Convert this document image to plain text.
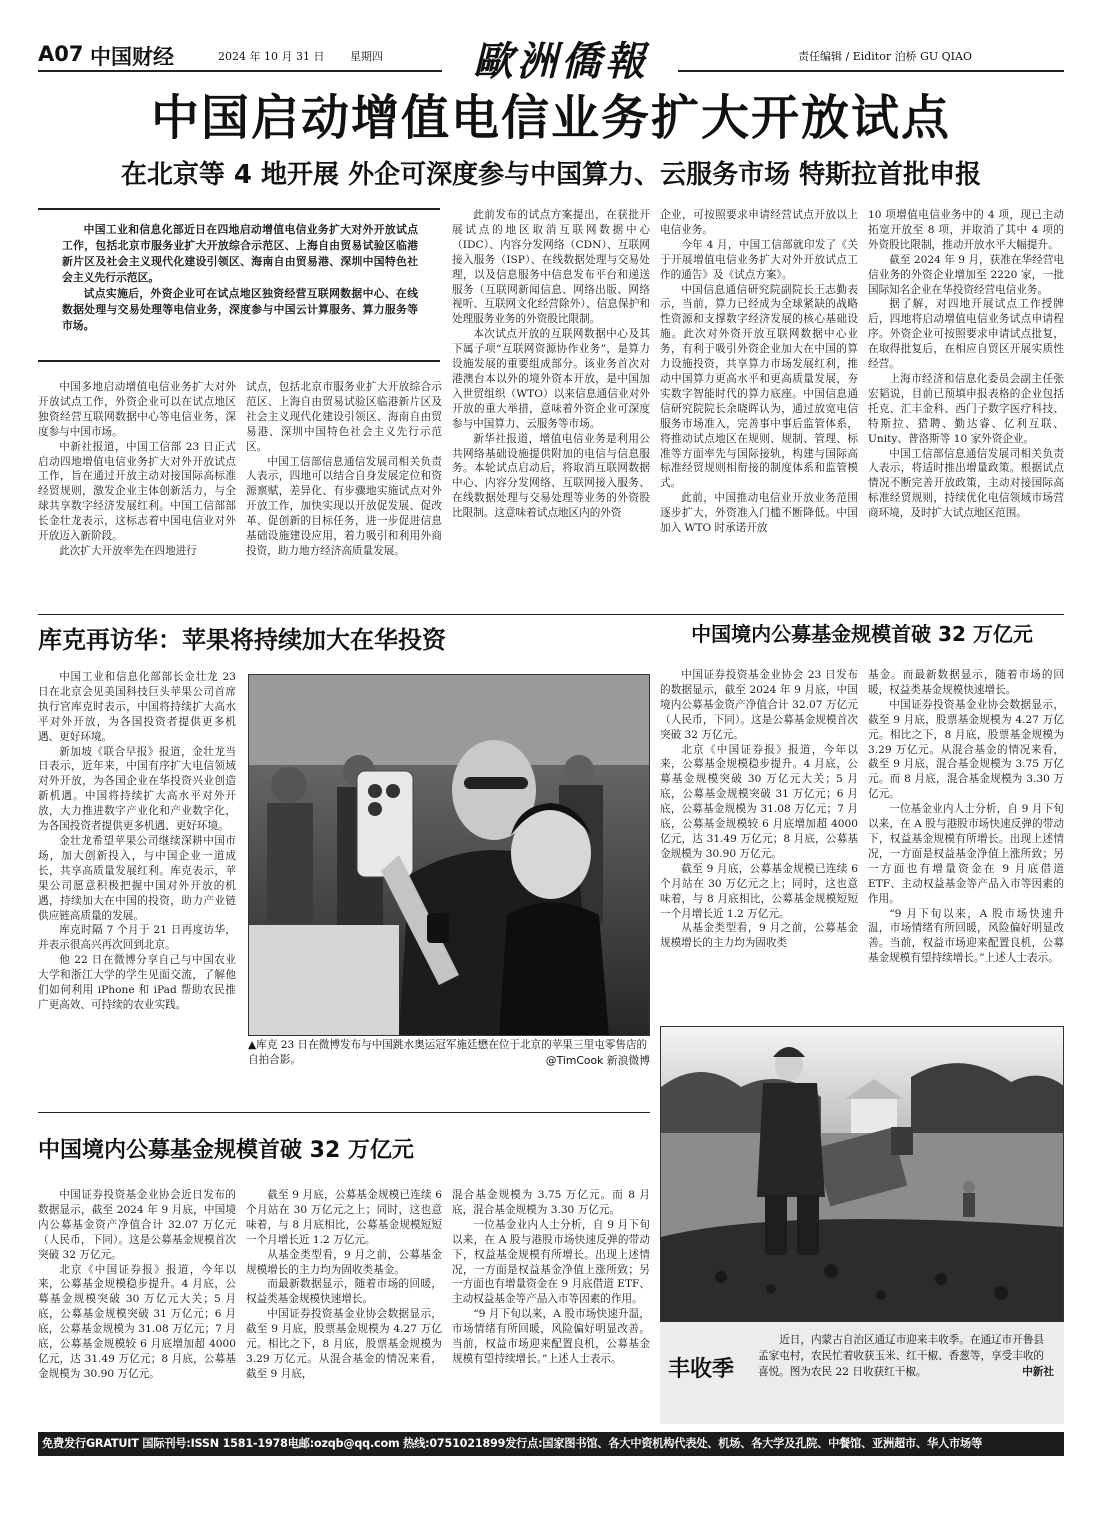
A07 中国财经	2024 年 10 月 31 日 星期四	歐洲僑報	责任编辑 / Eiditor 泊桥 GU QIAO
中国启动增值电信业务扩大开放试点
在北京等 4 地开展 外企可深度参与中国算力、云服务市场 特斯拉首批申报

中国工业和信息化部近日在四地启动增值电信业务扩大对外开放试点工作，包括北京市服务业扩大开放综合示范区、上海自由贸易试验区临港新片区及社会主义现代化建设引领区、海南自由贸易港、深圳中国特色社会主义先行示范区。

试点实施后，外资企业可在试点地区独资经营互联网数据中心、在线数据处理与交易处理等电信业务，深度参与中国云计算服务、算力服务等市场。

中国多地启动增值电信业务扩大对外开放试点工作，外资企业可以在试点地区独资经营互联网数据中心等电信业务，深度参与中国市场。

中新社报道，中国工信部 23 日正式启动四地增值电信业务扩大对外开放试点工作，旨在通过开放主动对接国际高标准经贸规则，激发企业主体创新活力，与全球共享数字经济发展红利。中国工信部部长金壮龙表示，这标志着中国电信业对外开放迈入新阶段。

此次扩大开放率先在四地进行

试点，包括北京市服务业扩大开放综合示范区、上海自由贸易试验区临港新片区及社会主义现代化建设引领区、海南自由贸易港、深圳中国特色社会主义先行示范区。

中国工信部信息通信发展司相关负责人表示，四地可以结合自身发展定位和资源禀赋，差异化、有步骤地实施试点对外开放工作，加快实现以开放促发展、促改革、促创新的目标任务，进一步促进信息基础设施建设应用，着力吸引和利用外商投资，助力地方经济高质量发展。

此前发布的试点方案提出，在获批开展试点的地区取消互联网数据中心（IDC）、内容分发网络（CDN）、互联网接入服务（ISP）、在线数据处理与交易处理，以及信息服务中信息发布平台和递送服务（互联网新闻信息、网络出版、网络视听、互联网文化经营除外）、信息保护和处理服务业务的外资股比限制。

本次试点开放的互联网数据中心及其下属子项“互联网资源协作业务”，是算力设施发展的重要组成部分。该业务首次对港澳台本以外的境外资本开放，是中国加入世贸组织（WTO）以来信息通信业对外开放的重大举措，意味着外资企业可深度参与中国算力、云服务等市场。

新华社报道，增值电信业务是利用公共网络基础设施提供附加的电信与信息服务。本轮试点启动后，将取消互联网数据中心、内容分发网络、互联网接入服务、在线数据处理与交易处理等业务的外资股比限制。这意味着试点地区内的外资

企业，可按照要求申请经营试点开放以上电信业务。

今年 4 月，中国工信部就印发了《关于开展增值电信业务扩大对外开放试点工作的通告》及《试点方案》。

中国信息通信研究院副院长王志勤表示，当前，算力已经成为全球紧缺的战略性资源和支撑数字经济发展的核心基础设施。此次对外资开放互联网数据中心业务，有利于吸引外资企业加大在中国的算力设施投资，共享算力市场发展红利，推动中国算力更高水平和更高质量发展，夯实数字智能时代的算力底座。中国信息通信研究院院长余晓晖认为，通过放宽电信服务市场准入，完善事中事后监管体系，将推动试点地区在规则、规制、管理、标准等方面率先与国际接轨，构建与国际高标准经贸规则相衔接的制度体系和监管模式。

此前，中国推动电信业开放业务范围逐步扩大，外资准入门槛不断降低。中国加入 WTO 时承诺开放

10 项增值电信业务中的 4 项，现已主动拓宽开放至 8 项，并取消了其中 4 项的外资股比限制，推动开放水平大幅提升。

截至 2024 年 9 月，获准在华经营电信业务的外资企业增加至 2220 家，一批国际知名企业在华投资经营电信业务。

据了解，对四地开展试点工作授牌后，四地将启动增值电信业务试点申请程序。外资企业可按照要求申请试点批复，在取得批复后，在相应自贸区开展实质性经营。

上海市经济和信息化委员会副主任张宏韬说，目前已预填申报表格的企业包括托克、汇丰金科、西门子数字医疗科技、特斯拉、猎聘、勤达睿、亿利互联、Unity、普洛斯等 10 家外资企业。

中国工信部信息通信发展司相关负责人表示，将适时推出增量政策。根据试点情况不断完善开放政策，主动对接国际高标准经贸规则，持续优化电信领域市场营商环境，及时扩大试点地区范围。

库克再访华：苹果将持续加大在华投资

中国工业和信息化部部长金壮龙 23 日在北京会见美国科技巨头苹果公司首席执行官库克时表示，中国将持续扩大高水平对外开放，为各国投资者提供更多机遇、更好环境。

新加坡《联合早报》报道，金壮龙当日表示，近年来，中国有序扩大电信领域对外开放，为各国企业在华投资兴业创造新机遇。中国将持续扩大高水平对外开放，大力推进数字产业化和产业数字化，为各国投资者提供更多机遇、更好环境。

金壮龙希望苹果公司继续深耕中国市场，加大创新投入，与中国企业一道成长，共享高质量发展红利。库克表示，苹果公司愿意积极把握中国对外开放的机遇，持续加大在中国的投资，助力产业链供应链高质量的发展。

库克时隔 7 个月于 21 日再度访华，并表示很高兴再次回到北京。

他 22 日在微博分享自己与中国农业大学和浙江大学的学生见面交流，了解他们如何利用 iPhone 和 iPad 帮助农民推广更高效、可持续的农业实践。

▲库克 23 日在微博发布与中国跳水奥运冠军施廷懋在位于北京的苹果三里屯零售店的自拍合影。	@TimCook 新浪微博
中国境内公募基金规模首破 32 万亿元

中国证券投资基金业协会 23 日发布的数据显示，截至 2024 年 9 月底，中国境内公募基金资产净值合计 32.07 万亿元（人民币，下同）。这是公募基金规模首次突破 32 万亿元。

北京《中国证券报》报道，今年以来，公募基金规模稳步提升。4 月底，公募基金规模突破 30 万亿元大关；5 月底，公募基金规模突破 31 万亿元；6 月底，公募基金规模为 31.08 万亿元；7 月底，公募基金规模较 6 月底增加超 4000 亿元，达 31.49 万亿元；8 月底，公募基金规模为 30.90 万亿元。

截至 9 月底，公募基金规模已连续 6 个月站在 30 万亿元之上；同时，这也意味着，与 8 月底相比，公募基金规模短短一个月增长近 1.2 万亿元。

从基金类型看，9 月之前，公募基金规模增长的主力均为固收类

基金。而最新数据显示，随着市场的回暖，权益类基金规模快速增长。

中国证券投资基金业协会数据显示，截至 9 月底，股票基金规模为 4.27 万亿元。相比之下，8 月底，股票基金规模为 3.29 万亿元。从混合基金的情况来看，截至 9 月底，混合基金规模为 3.75 万亿元。而 8 月底，混合基金规模为 3.30 万亿元。

一位基金业内人士分析，自 9 月下旬以来，在 A 股与港股市场快速反弹的带动下，权益基金规模有所增长。出现上述情况，一方面是权益基金净值上涨所致；另一方面也有增量资金在 9 月底借道 ETF、主动权益基金等产品入市等因素的作用。

“9 月下旬以来，A 股市场快速升温，市场情绪有所回暖，风险偏好明显改善。当前，权益市场迎来配置良机，公募基金规模有望持续增长。”上述人士表示。

中国境内公募基金规模首破 32 万亿元

中国证券投资基金业协会近日发布的数据显示，截至 2024 年 9 月底，中国境内公募基金资产净值合计 32.07 万亿元（人民币，下同）。这是公募基金规模首次突破 32 万亿元。

北京《中国证券报》报道，今年以来，公募基金规模稳步提升。4 月底，公募基金规模突破 30 万亿元大关；5 月底，公募基金规模突破 31 万亿元；6 月底，公募基金规模为 31.08 万亿元；7 月底，公募基金规模较 6 月底增加超 4000 亿元，达 31.49 万亿元；8 月底，公募基金规模为 30.90 万亿元。

截至 9 月底，公募基金规模已连续 6 个月站在 30 万亿元之上；同时，这也意味着，与 8 月底相比，公募基金规模短短一个月增长近 1.2 万亿元。

从基金类型看，9 月之前，公募基金规模增长的主力均为固收类基金。

而最新数据显示，随着市场的回暖，权益类基金规模快速增长。

中国证券投资基金业协会数据显示，截至 9 月底，股票基金规模为 4.27 万亿元。相比之下，8 月底，股票基金规模为 3.29 万亿元。从混合基金的情况来看，截至 9 月底，

混合基金规模为 3.75 万亿元。而 8 月底，混合基金规模为 3.30 万亿元。

一位基金业内人士分析，自 9 月下旬以来，在 A 股与港股市场快速反弹的带动下，权益基金规模有所增长。出现上述情况，一方面是权益基金净值上涨所致；另一方面也有增量资金在 9 月底借道 ETF、主动权益基金等产品入市等因素的作用。

“9 月下旬以来，A 股市场快速升温，市场情绪有所回暖，风险偏好明显改善。当前，权益市场迎来配置良机，公募基金规模有望持续增长。”上述人士表示。	丰收季
近日，内蒙古自治区通辽市迎来丰收季。在通辽市开鲁县孟家屯村，农民忙着收获玉米、红干椒、香葱等，享受丰收的喜悦。图为农民 22 日收获红干椒。	中新社
免费发行GRATUIT 国际刊号:ISSN 1581-1978电邮:ozqb@qq.com 热线:0751021899发行点:国家图书馆、各大中资机构代表处、机场、各大学及孔院、中餐馆、亚洲超市、华人市场等
